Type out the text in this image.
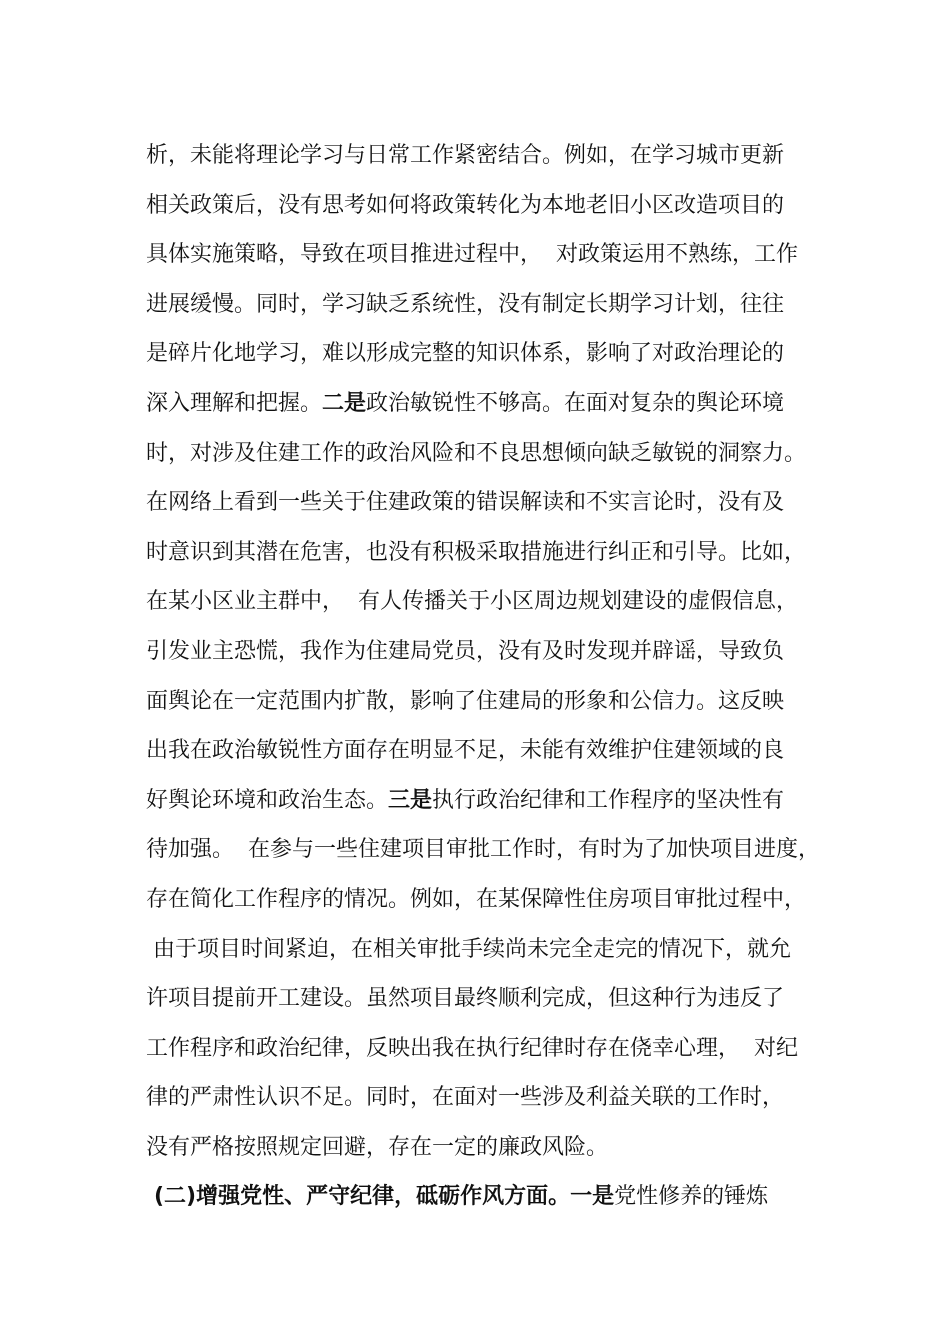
析，未能将理论学习与日常工作紧密结合。例如，在学习城市更新
相关政策后，没有思考如何将政策转化为本地老旧小区改造项目的
具体实施策略，导致在项目推进过程中，  对政策运用不熟练，工作
进展缓慢。同时，学习缺乏系统性，没有制定长期学习计划，往往
是碎片化地学习，难以形成完整的知识体系，影响了对政治理论的
深入理解和把握。二是政治敏锐性不够高。在面对复杂的舆论环境
时，对涉及住建工作的政治风险和不良思想倾向缺乏敏锐的洞察力。
在网络上看到一些关于住建政策的错误解读和不实言论时，没有及
时意识到其潜在危害，也没有积极采取措施进行纠正和引导。比如，
在某小区业主群中，  有人传播关于小区周边规划建设的虚假信息，
引发业主恐慌，我作为住建局党员，没有及时发现并辟谣，导致负
面舆论在一定范围内扩散，影响了住建局的形象和公信力。这反映
出我在政治敏锐性方面存在明显不足，未能有效维护住建领域的良
好舆论环境和政治生态。三是执行政治纪律和工作程序的坚决性有
待加强。  在参与一些住建项目审批工作时，有时为了加快项目进度，
存在简化工作程序的情况。例如，在某保障性住房项目审批过程中，
由于项目时间紧迫，在相关审批手续尚未完全走完的情况下，就允
许项目提前开工建设。虽然项目最终顺利完成，但这种行为违反了
工作程序和政治纪律，反映出我在执行纪律时存在侥幸心理，  对纪
律的严肃性认识不足。同时，在面对一些涉及利益关联的工作时，
没有严格按照规定回避，存在一定的廉政风险。
(二)增强党性、严守纪律，砥砺作风方面。一是党性修养的锤炼
